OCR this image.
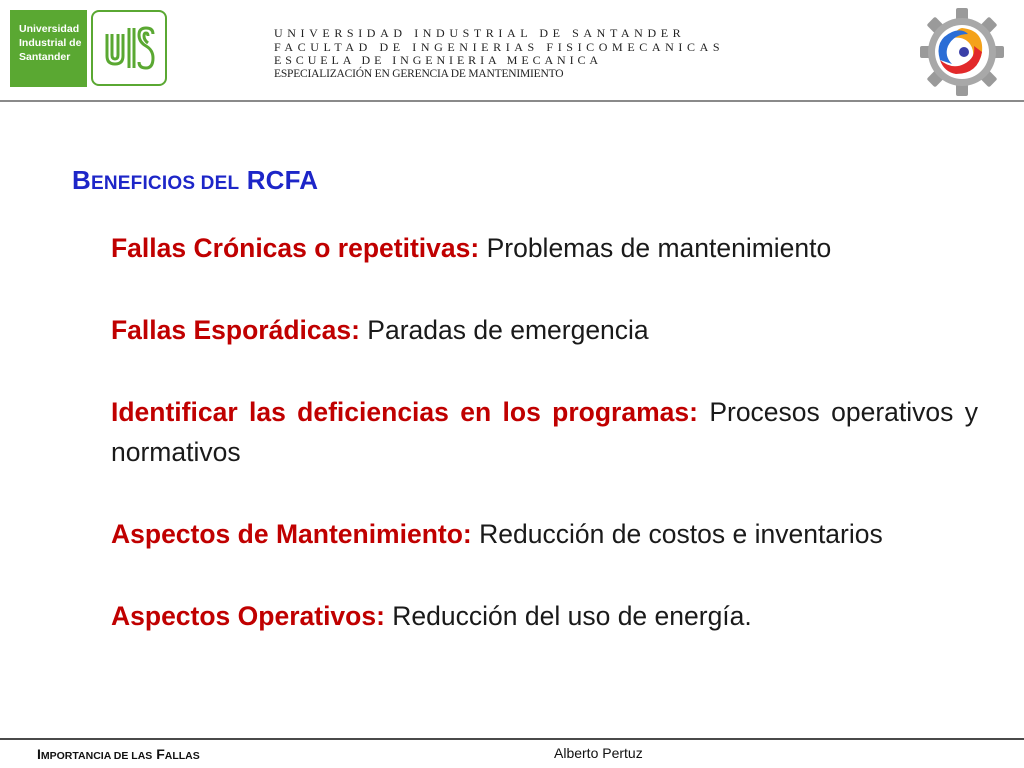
Universidad
Industrial de
Santander
UNIVERSIDAD INDUSTRIAL DE SANTANDER
FACULTAD DE INGENIERIAS FISICOMECANICAS
ESCUELA DE INGENIERIA MECANICA
ESPECIALIZACIÓN EN GERENCIA DE MANTENIMIENTO
BENEFICIOS DEL RCFA
Fallas Crónicas o repetitivas: Problemas de mantenimiento
Fallas Esporádicas: Paradas de emergencia
Identificar las deficiencias en los programas: Procesos operativos y normativos
Aspectos de Mantenimiento: Reducción de costos e inventarios
Aspectos Operativos: Reducción del uso de energía.
IMPORTANCIA DE LAS FALLAS	Alberto Pertuz
